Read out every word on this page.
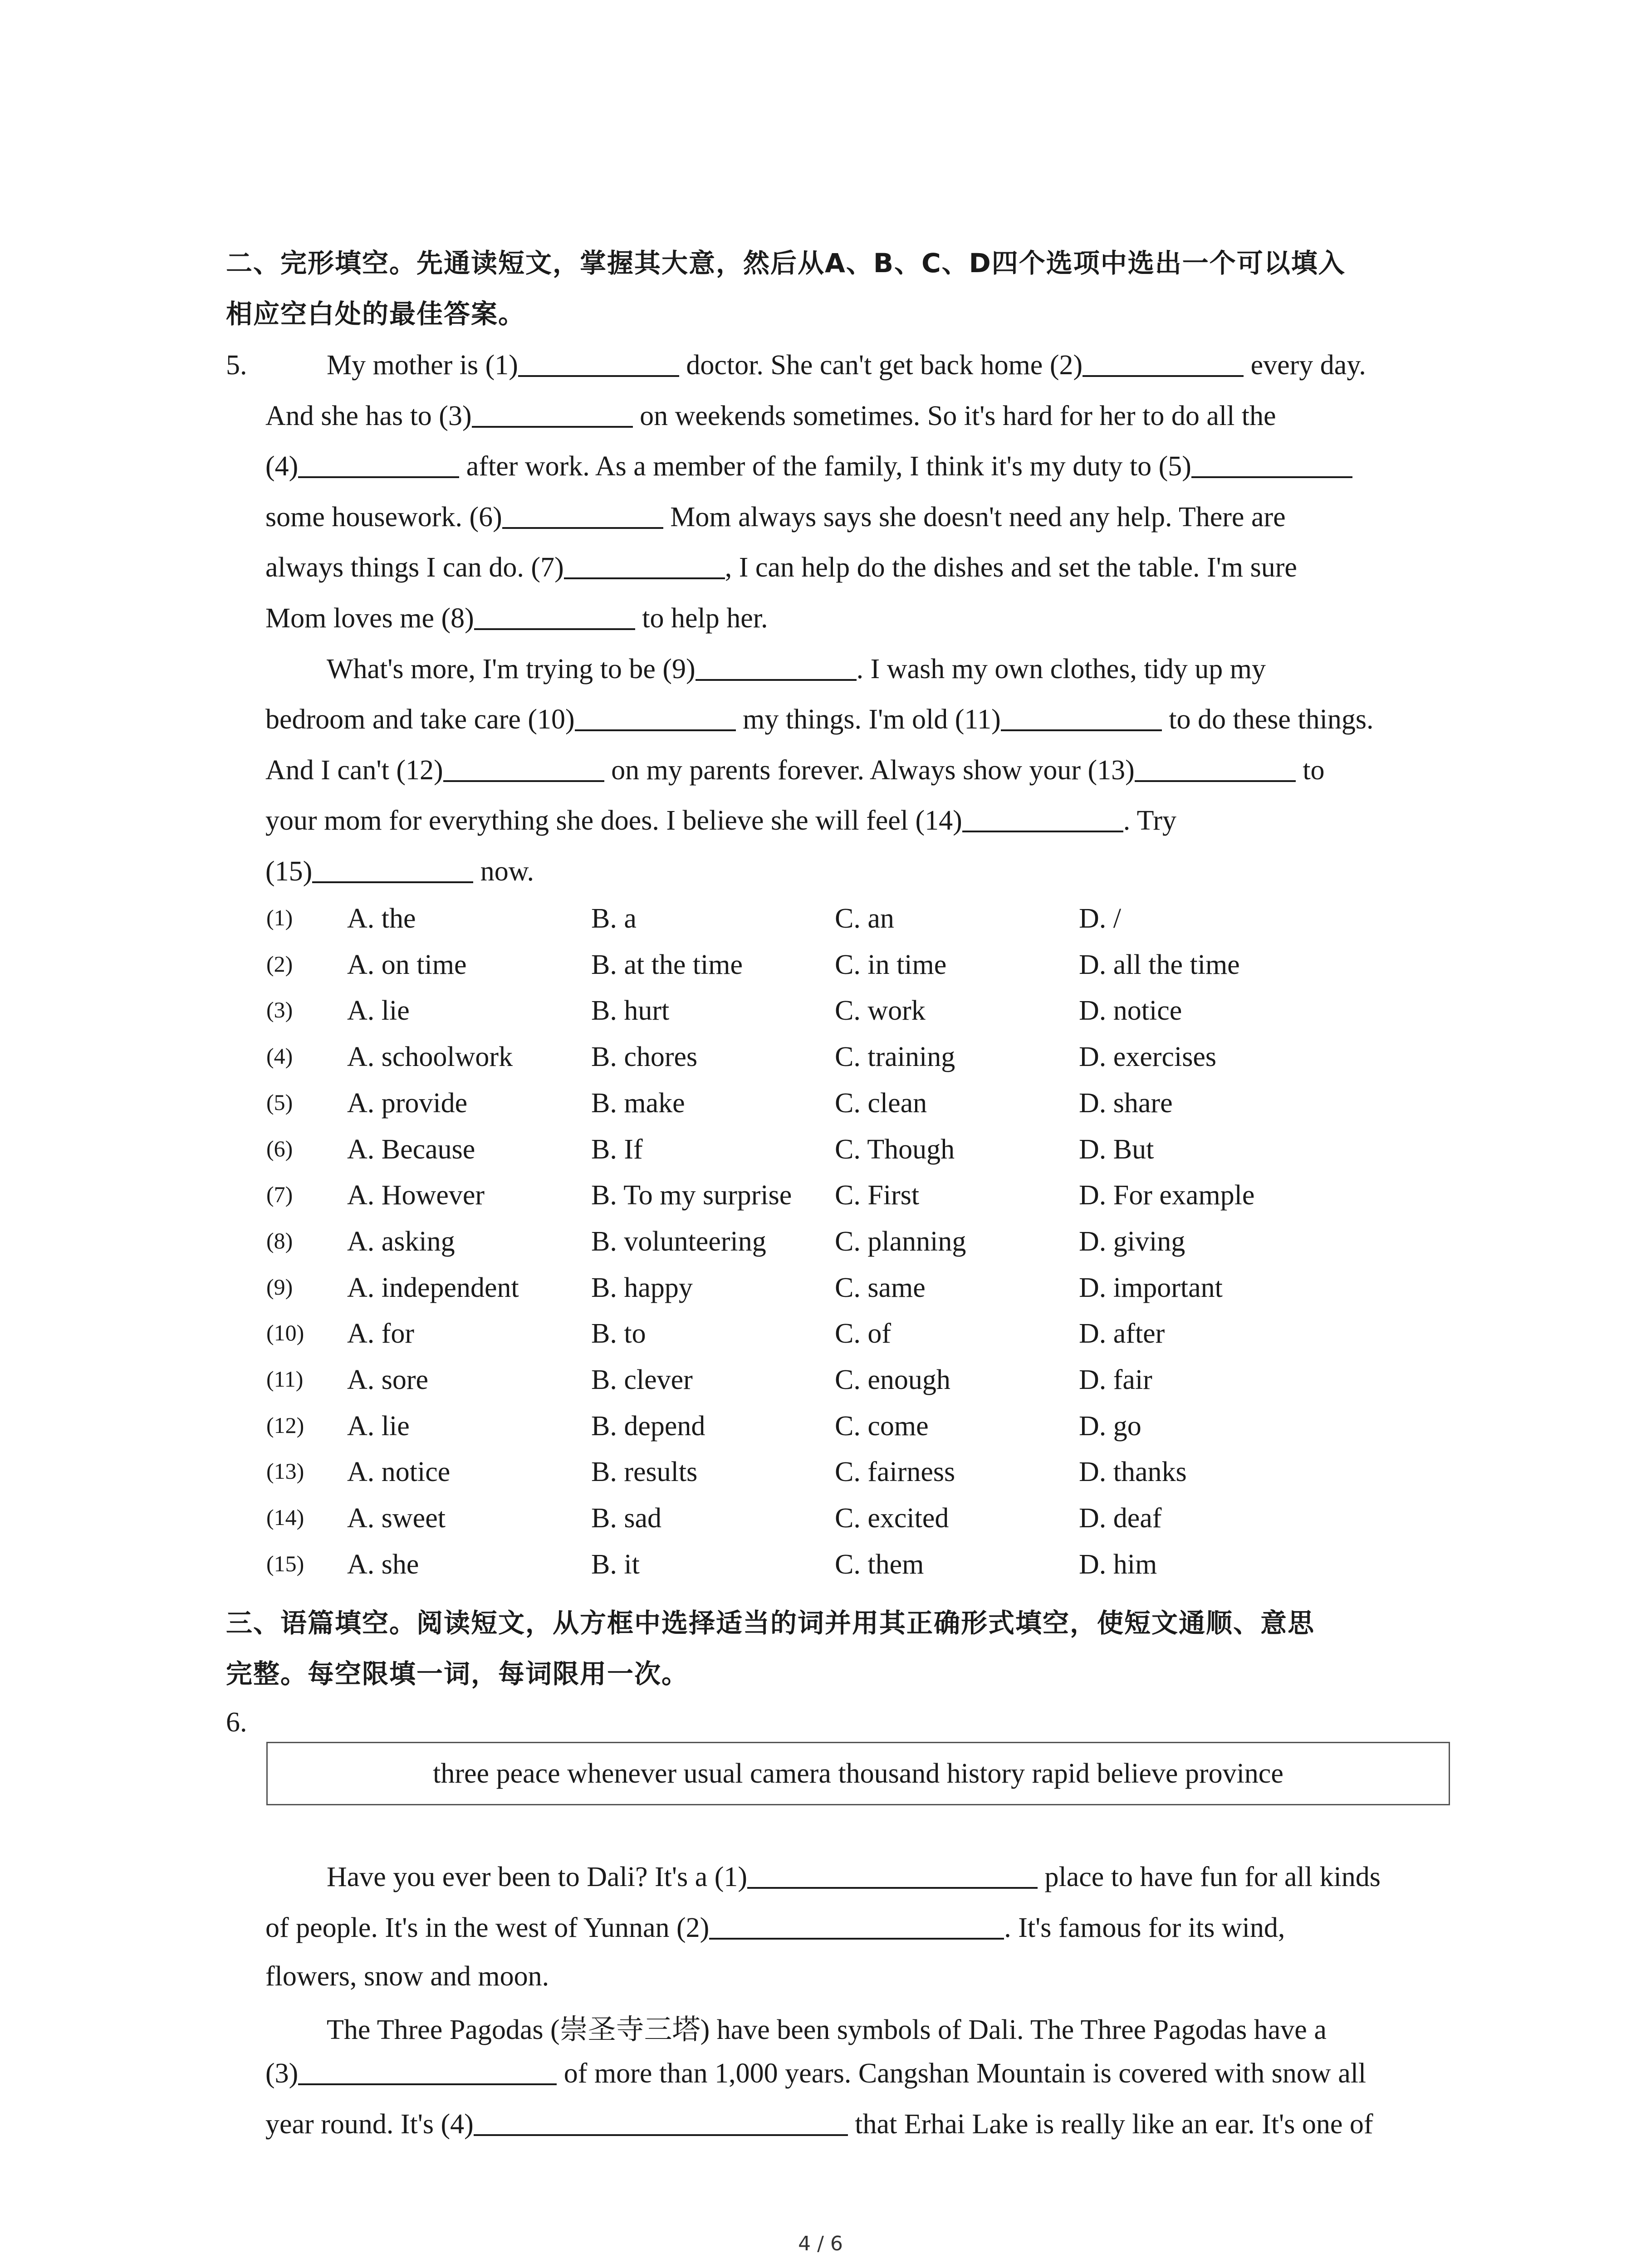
二、完形填空。先通读短文，掌握其大意，然后从A、B、C、D四个选项中选出一个可以填入
相应空白处的最佳答案。
5.	My mother is (1)	doctor. She can't get back home (2)	every day.
And she has to (3)	on weekends sometimes. So it's hard for her to do all the
(4)	after work. As a member of the family, I think it's my duty to (5)
some housework. (6)	Mom always says she doesn't need any help. There are
always things I can do. (7)	, I can help do the dishes and set the table. I'm sure
Mom loves me (8)	to help her.
What's more, I'm trying to be (9)	. I wash my own clothes, tidy up my
bedroom and take care (10)	my things. I'm old (11)	to do these things.
And I can't (12)	on my parents forever. Always show your (13)	to
your mom for everything she does. I believe she will feel (14)	. Try
(15)	now.
(1) A. the	B. a	C. an	D. /
(2) A. on time	B. at the time	C. in time	D. all the time
(3) A. lie	B. hurt	C. work	D. notice
(4) A. schoolwork	B. chores	C. training	D. exercises
(5) A. provide	B. make	C. clean	D. share
(6) A. Because	B. If	C. Though	D. But
(7) A. However	B. To my surprise C. First	D. For example
(8) A. asking	B. volunteering C. planning	D. giving
(9) A. independent	B. happy	C. same	D. important
(10) A. for	B. to	C. of	D. after
(11) A. sore	B. clever	C. enough	D. fair
(12) A. lie	B. depend	C. come	D. go
(13) A. notice	B. results	C. fairness	D. thanks
(14) A. sweet	B. sad	C. excited	D. deaf
(15) A. she	B. it	C. them	D. him
三、语篇填空。阅读短文，从方框中选择适当的词并用其正确形式填空，使短文通顺、意思
完整。每空限填一词，每词限用一次。
6.
three peace whenever usual camera thousand history rapid believe province
Have you ever been to Dali? It's a (1)	place to have fun for all kinds
of people. It's in the west of Yunnan (2)	. It's famous for its wind,
flowers, snow and moon.
The Three Pagodas (崇圣寺三塔) have been symbols of Dali. The Three Pagodas have a
(3)	of more than 1,000 years. Cangshan Mountain is covered with snow all
year round. It's (4)	that Erhai Lake is really like an ear. It's one of
4 / 6
